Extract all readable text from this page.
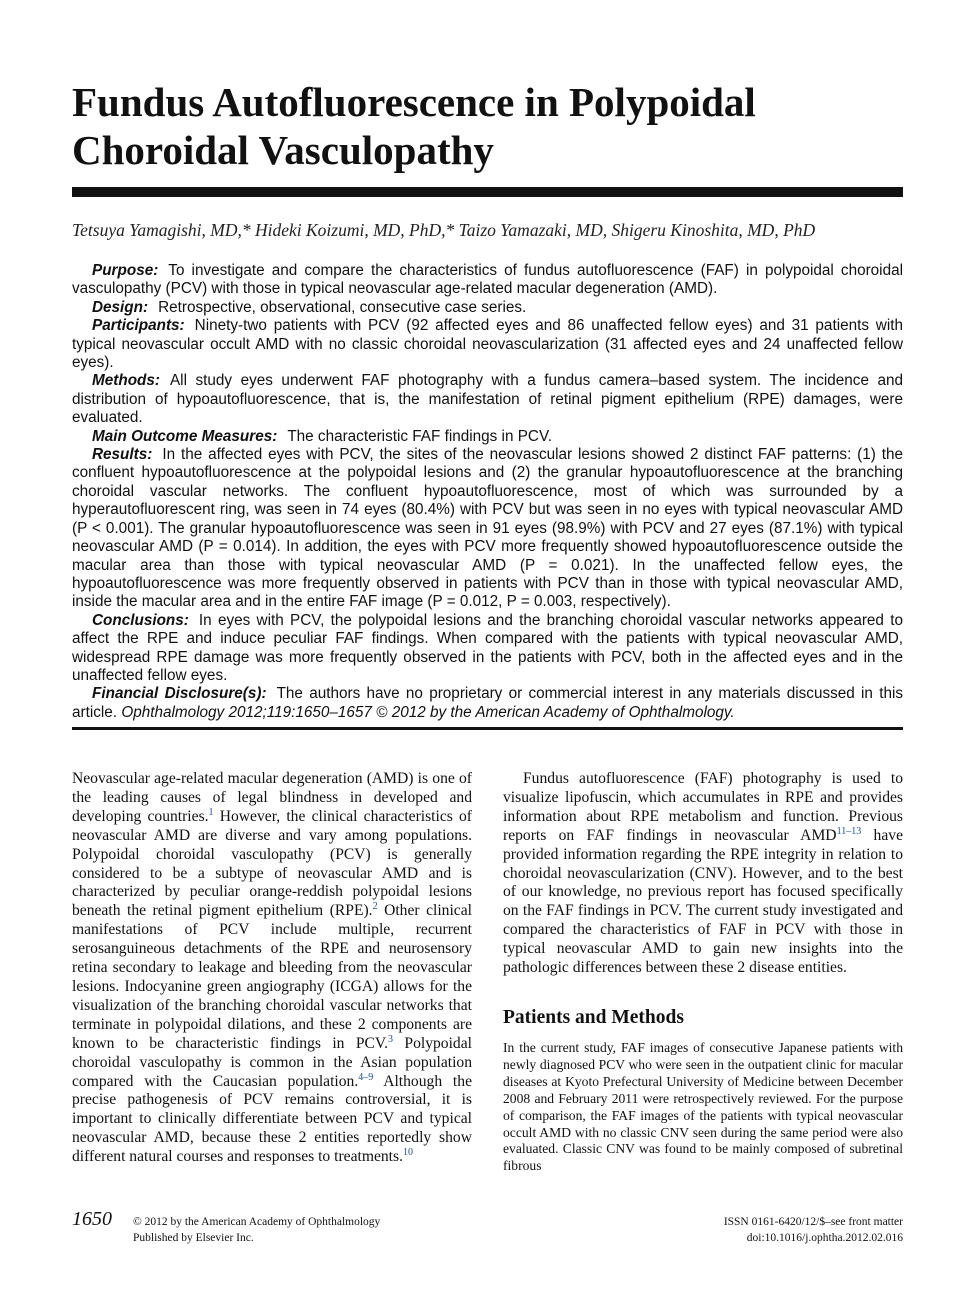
Fundus Autofluorescence in Polypoidal Choroidal Vasculopathy
Tetsuya Yamagishi, MD,* Hideki Koizumi, MD, PhD,* Taizo Yamazaki, MD, Shigeru Kinoshita, MD, PhD

Purpose: To investigate and compare the characteristics of fundus autofluorescence (FAF) in polypoidal choroidal vasculopathy (PCV) with those in typical neovascular age-related macular degeneration (AMD).

Design: Retrospective, observational, consecutive case series.

Participants: Ninety-two patients with PCV (92 affected eyes and 86 unaffected fellow eyes) and 31 patients with typical neovascular occult AMD with no classic choroidal neovascularization (31 affected eyes and 24 unaffected fellow eyes).

Methods: All study eyes underwent FAF photography with a fundus camera–based system. The incidence and distribution of hypoautofluorescence, that is, the manifestation of retinal pigment epithelium (RPE) damages, were evaluated.

Main Outcome Measures: The characteristic FAF findings in PCV.

Results: In the affected eyes with PCV, the sites of the neovascular lesions showed 2 distinct FAF patterns: (1) the confluent hypoautofluorescence at the polypoidal lesions and (2) the granular hypoautofluorescence at the branching choroidal vascular networks. The confluent hypoautofluorescence, most of which was surrounded by a hyperautofluorescent ring, was seen in 74 eyes (80.4%) with PCV but was seen in no eyes with typical neovascular AMD (P < 0.001). The granular hypoautofluorescence was seen in 91 eyes (98.9%) with PCV and 27 eyes (87.1%) with typical neovascular AMD (P = 0.014). In addition, the eyes with PCV more frequently showed hypoautofluorescence outside the macular area than those with typical neovascular AMD (P = 0.021). In the unaffected fellow eyes, the hypoautofluorescence was more frequently observed in patients with PCV than in those with typical neovascular AMD, inside the macular area and in the entire FAF image (P = 0.012, P = 0.003, respectively).

Conclusions: In eyes with PCV, the polypoidal lesions and the branching choroidal vascular networks appeared to affect the RPE and induce peculiar FAF findings. When compared with the patients with typical neovascular AMD, widespread RPE damage was more frequently observed in the patients with PCV, both in the affected eyes and in the unaffected fellow eyes.

Financial Disclosure(s): The authors have no proprietary or commercial interest in any materials discussed in this article. Ophthalmology 2012;119:1650–1657 © 2012 by the American Academy of Ophthalmology.

Neovascular age-related macular degeneration (AMD) is one of the leading causes of legal blindness in developed and developing countries.$^1$ However, the clinical characteristics of neovascular AMD are diverse and vary among populations. Polypoidal choroidal vasculopathy (PCV) is generally considered to be a subtype of neovascular AMD and is characterized by peculiar orange-reddish polypoidal lesions beneath the retinal pigment epithelium (RPE).$^2$ Other clinical manifestations of PCV include multiple, recurrent serosanguineous detachments of the RPE and neurosensory retina secondary to leakage and bleeding from the neovascular lesions. Indocyanine green angiography (ICGA) allows for the visualization of the branching choroidal vascular networks that terminate in polypoidal dilations, and these 2 components are known to be characteristic findings in PCV.$^3$ Polypoidal choroidal vasculopathy is common in the Asian population compared with the Caucasian population.$^{4-9}$ Although the precise pathogenesis of PCV remains controversial, it is important to clinically differentiate between PCV and typical neovascular AMD, because these 2 entities reportedly show different natural courses and responses to treatments.$^{10}$

Fundus autofluorescence (FAF) photography is used to visualize lipofuscin, which accumulates in RPE and provides information about RPE metabolism and function. Previous reports on FAF findings in neovascular AMD$^{11-13}$ have provided information regarding the RPE integrity in relation to choroidal neovascularization (CNV). However, and to the best of our knowledge, no previous report has focused specifically on the FAF findings in PCV. The current study investigated and compared the characteristics of FAF in PCV with those in typical neovascular AMD to gain new insights into the pathologic differences between these 2 disease entities.

Patients and Methods

In the current study, FAF images of consecutive Japanese patients with newly diagnosed PCV who were seen in the outpatient clinic for macular diseases at Kyoto Prefectural University of Medicine between December 2008 and February 2011 were retrospectively reviewed. For the purpose of comparison, the FAF images of the patients with typical neovascular occult AMD with no classic CNV seen during the same period were also evaluated. Classic CNV was found to be mainly composed of subretinal fibrous

1650 © 2012 by the American Academy of Ophthalmology
Published by Elsevier Inc.
ISSN 0161-6420/12/$–see front matter
doi:10.1016/j.ophtha.2012.02.016
